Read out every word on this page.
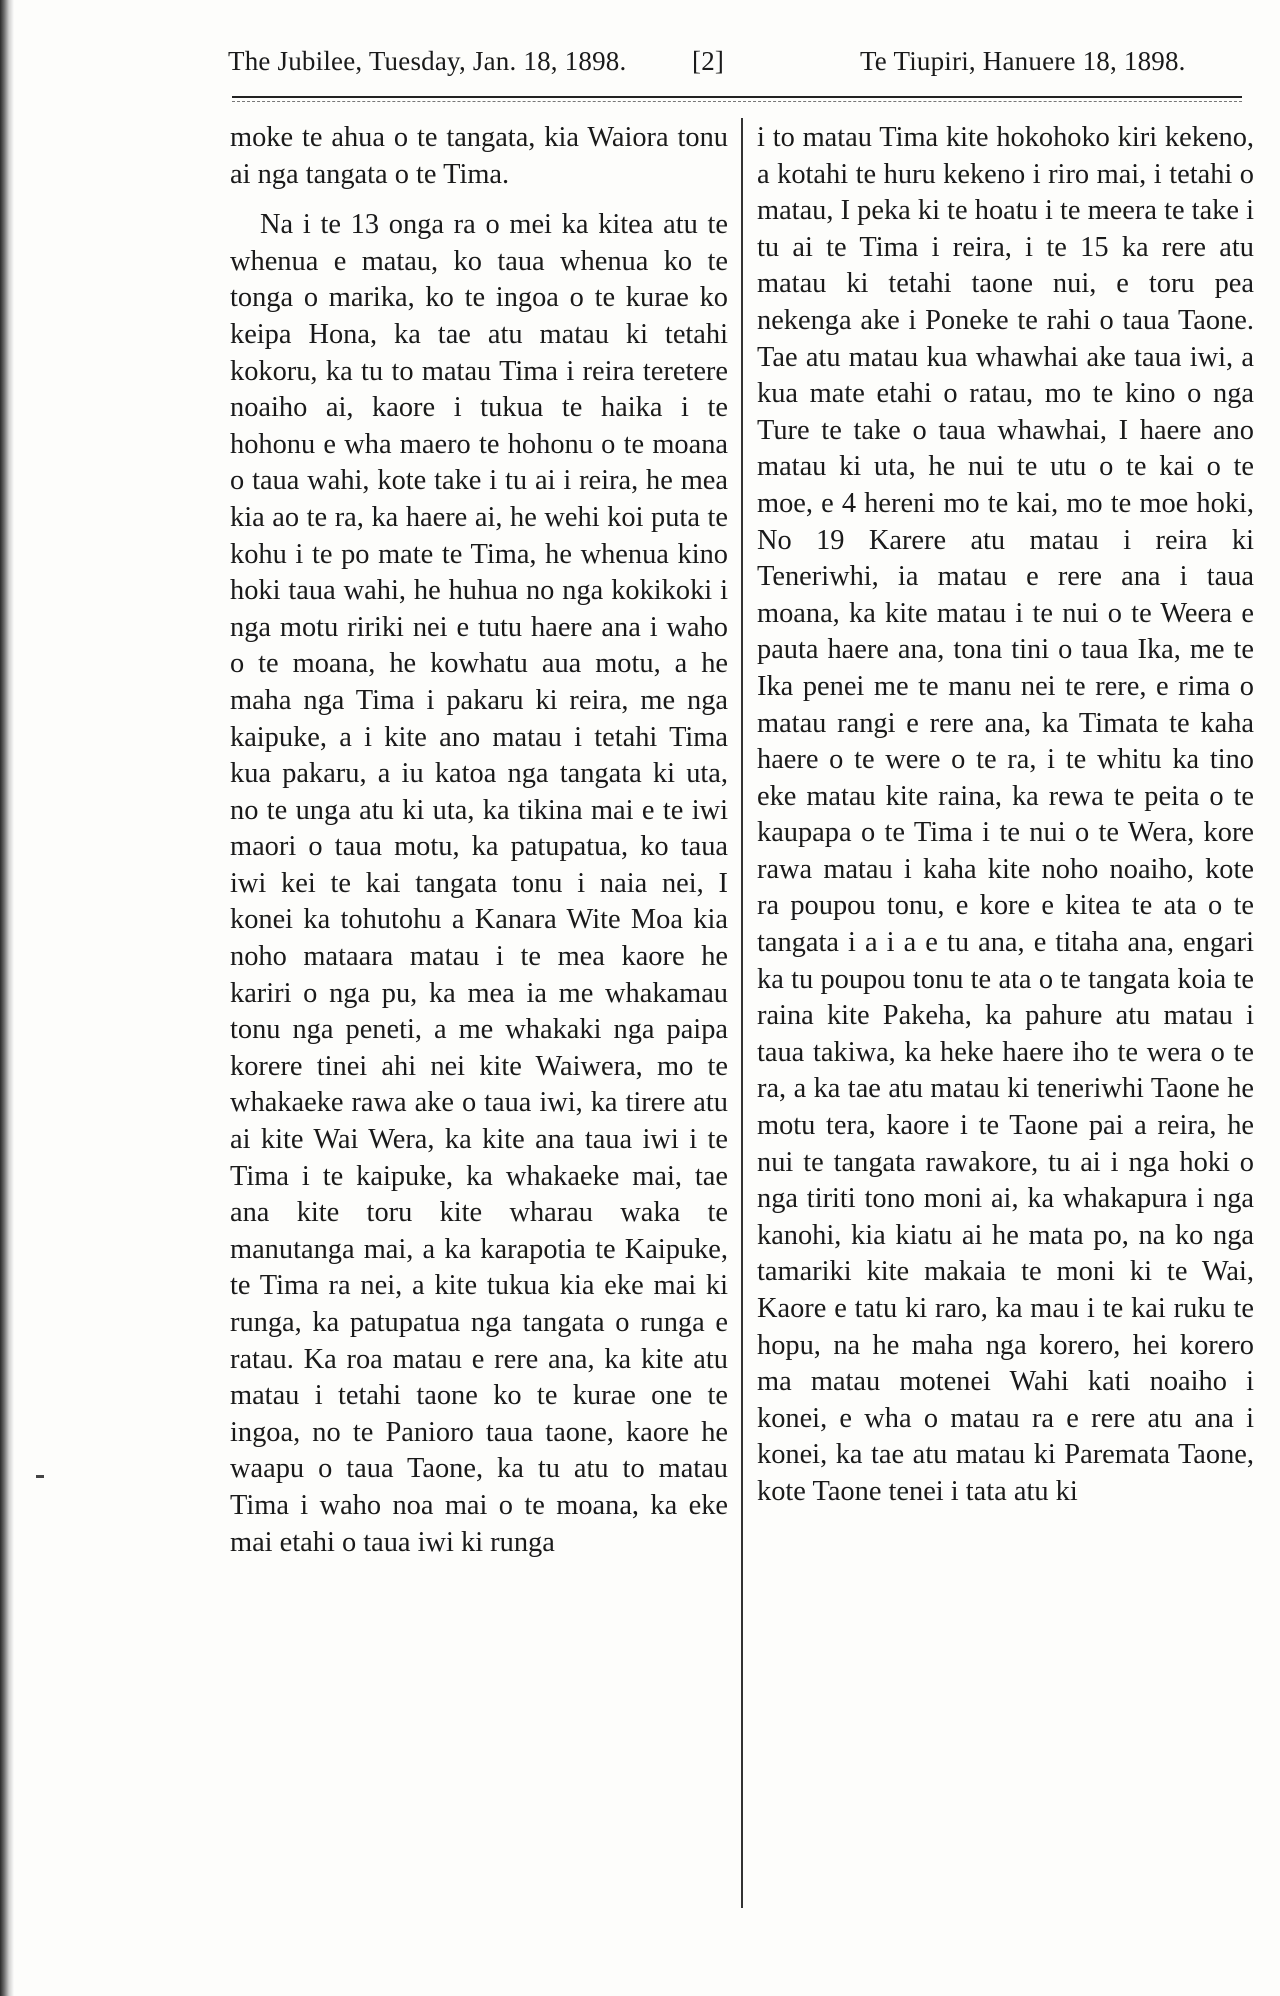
The Jubilee, Tuesday, Jan. 18, 1898. [2]	Te Tiupiri, Hanuere 18, 1898.

moke te ahua o te tangata, kia Waiora tonu ai nga tangata o te Tima.

Na i te 13 onga ra o mei ka kitea atu te whenua e matau, ko taua whenua ko te tonga o marika, ko te ingoa o te kurae ko keipa Hona, ka tae atu matau ki tetahi kokoru, ka tu to matau Tima i reira teretere noaiho ai, kaore i tukua te haika i te hohonu e wha maero te hohonu o te moana o taua wahi, kote take i tu ai i reira, he mea kia ao te ra, ka haere ai, he wehi koi puta te kohu i te po mate te Tima, he whenua kino hoki taua wahi, he huhua no nga kokikoki i nga motu ririki nei e tutu haere ana i waho o te moana, he kowhatu aua motu, a he maha nga Tima i pakaru ki reira, me nga kaipuke, a i kite ano matau i tetahi Tima kua pakaru, a iu katoa nga tangata ki uta, no te unga atu ki uta, ka tikina mai e te iwi maori o taua motu, ka patupatua, ko taua iwi kei te kai tangata tonu i naia nei, I konei ka tohutohu a Kanara Wite Moa kia noho mataara matau i te mea kaore he kariri o nga pu, ka mea ia me whakamau tonu nga peneti, a me whakaki nga paipa korere tinei ahi nei kite Waiwera, mo te whakaeke rawa ake o taua iwi, ka tirere atu ai kite Wai Wera, ka kite ana taua iwi i te Tima i te kaipuke, ka whakaeke mai, tae ana kite toru kite wharau waka te manutanga mai, a ka karapotia te Kaipuke, te Tima ra nei, a kite tukua kia eke mai ki runga, ka patupatua nga tangata o runga e ratau. Ka roa matau e rere ana, ka kite atu matau i tetahi taone ko te kurae one te ingoa, no te Panioro taua taone, kaore he waapu o taua Taone, ka tu atu to matau Tima i waho noa mai o te moana, ka eke mai etahi o taua iwi ki runga

i to matau Tima kite hokohoko kiri kekeno, a kotahi te huru kekeno i riro mai, i tetahi o matau, I peka ki te hoatu i te meera te take i tu ai te Tima i reira, i te 15 ka rere atu matau ki tetahi taone nui, e toru pea nekenga ake i Poneke te rahi o taua Taone. Tae atu matau kua whawhai ake taua iwi, a kua mate etahi o ratau, mo te kino o nga Ture te take o taua whawhai, I haere ano matau ki uta, he nui te utu o te kai o te moe, e 4 hereni mo te kai, mo te moe hoki, No 19 Karere atu matau i reira ki Teneriwhi, ia matau e rere ana i taua moana, ka kite matau i te nui o te Weera e pauta haere ana, tona tini o taua Ika, me te Ika penei me te manu nei te rere, e rima o matau rangi e rere ana, ka Timata te kaha haere o te were o te ra, i te whitu ka tino eke matau kite raina, ka rewa te peita o te kaupapa o te Tima i te nui o te Wera, kore rawa matau i kaha kite noho noaiho, kote ra poupou tonu, e kore e kitea te ata o te tangata i a i a e tu ana, e titaha ana, engari ka tu poupou tonu te ata o te tangata koia te raina kite Pakeha, ka pahure atu matau i taua takiwa, ka heke haere iho te wera o te ra, a ka tae atu matau ki teneriwhi Taone he motu tera, kaore i te Taone pai a reira, he nui te tangata rawakore, tu ai i nga hoki o nga tiriti tono moni ai, ka whakapura i nga kanohi, kia kiatu ai he mata po, na ko nga tamariki kite makaia te moni ki te Wai, Kaore e tatu ki raro, ka mau i te kai ruku te hopu, na he maha nga korero, hei korero ma matau motenei Wahi kati noaiho i konei, e wha o matau ra e rere atu ana i konei, ka tae atu matau ki Paremata Taone, kote Taone tenei i tata atu ki
